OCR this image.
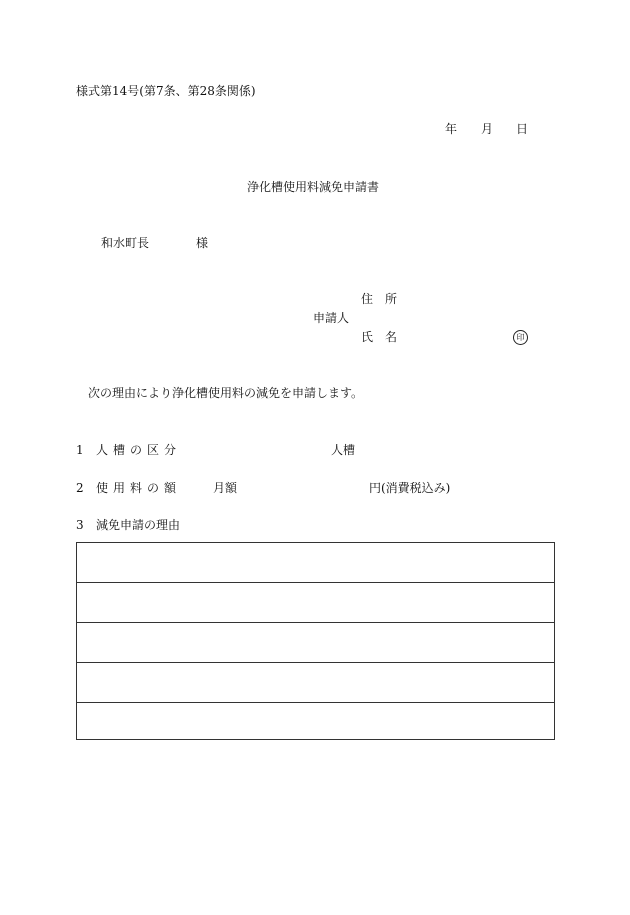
様式第14号(第7条、第28条関係)
年 月 日
浄化槽使用料減免申請書
和水町長	様
住　所
申請人
氏　名	印
次の理由により浄化槽使用料の減免を申請します。
1 人槽の区分	人槽
2 使用料の額	月額	円(消費税込み)
3 減免申請の理由
